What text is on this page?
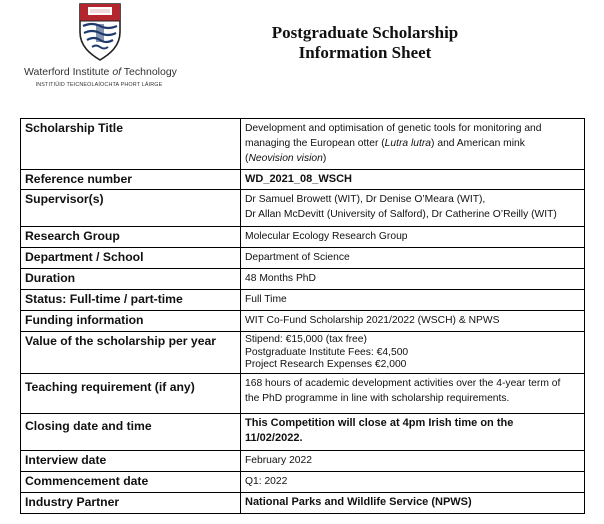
Waterford Institute of Technology
INSTITIÚID TEICNEOLAÍOCHTA PHORT LÁIRGE
Postgraduate Scholarship
Information Sheet
Scholarship Title	Development and optimisation of genetic tools for monitoring and
managing the European otter (Lutra lutra) and American mink
(Neovision vision)

Reference number	WD_2021_08_WSCH
Supervisor(s)	Dr Samuel Browett (WIT), Dr Denise O’Meara (WIT),
Dr Allan McDevitt (University of Salford), Dr Catherine O’Reilly (WIT)

Research Group	Molecular Ecology Research Group
Department / School	Department of Science
Duration	48 Months PhD
Status: Full-time / part-time	Full Time
Funding information	WIT Co-Fund Scholarship 2021/2022 (WSCH) & NPWS
Value of the scholarship per year	Stipend: €15,000 (tax free)
Postgraduate Institute Fees: €4,500
Project Research Expenses €2,000

Teaching requirement (if any)	168 hours of academic development activities over the 4-year term of
the PhD programme in line with scholarship requirements.

Closing date and time	This Competition will close at 4pm Irish time on the
11/02/2022.

Interview date	February 2022
Commencement date	Q1: 2022
Industry Partner	National Parks and Wildlife Service (NPWS)
